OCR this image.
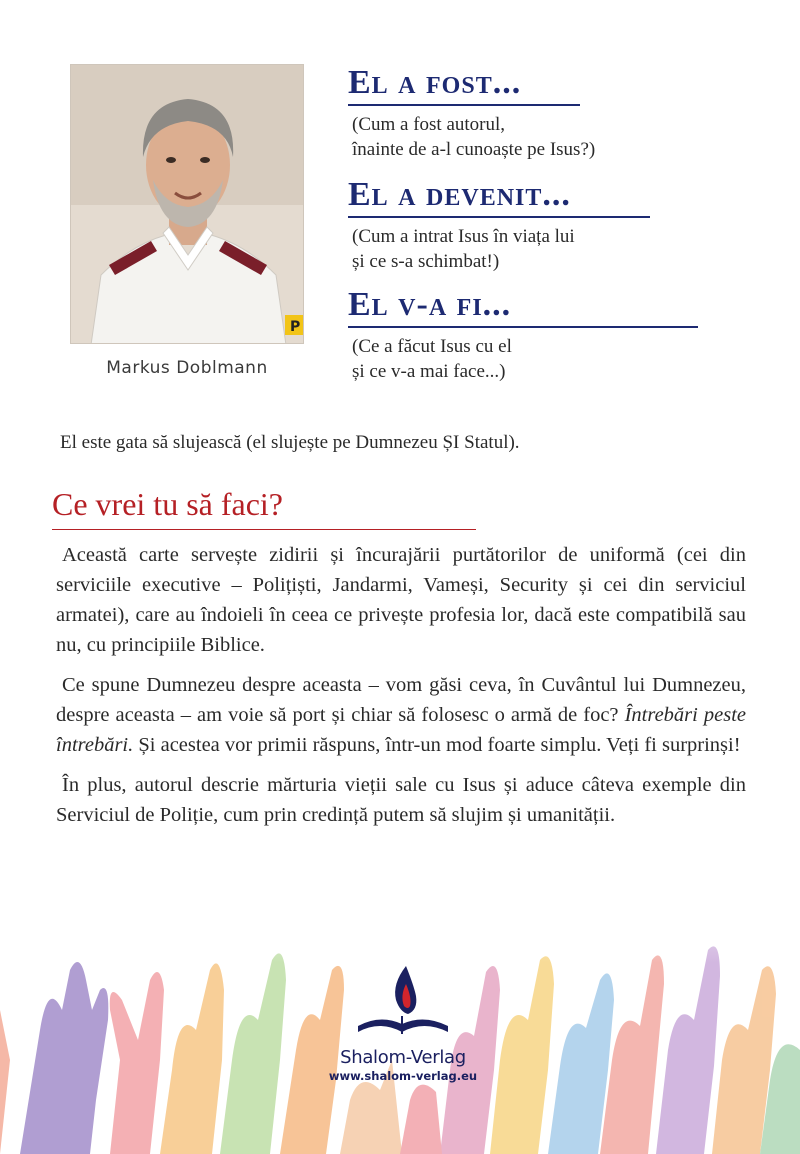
P
Markus Doblmann
El a fost...
(Cum a fost autorul,
înainte de a-l cunoaște pe Isus?)
El a devenit...
(Cum a intrat Isus în viața lui
și ce s-a schimbat!)
El v-a fi...
(Ce a făcut Isus cu el
și ce v-a mai face...)
El este gata să slujească (el slujește pe Dumnezeu ȘI Statul).
Ce vrei tu să faci?

Această carte servește zidirii și încurajării purtătorilor de uniformă (cei din serviciile executive – Polițiști, Jandarmi, Vameși, Security și cei din serviciul armatei), care au îndoieli în ceea ce privește profesia lor, dacă este compatibilă sau nu, cu principiile Biblice.

Ce spune Dumnezeu despre aceasta – vom găsi ceva, în Cuvântul lui Dumnezeu, despre aceasta – am voie să port și chiar să folosesc o armă de foc? Întrebări peste întrebări. Și acestea vor primii răspuns, într-un mod foarte simplu. Veți fi surprinși!

În plus, autorul descrie mărturia vieții sale cu Isus și aduce câteva exemple din Serviciul de Poliție, cum prin credință putem să slujim și umanității.

Shalom-Verlag
www.shalom-verlag.eu
